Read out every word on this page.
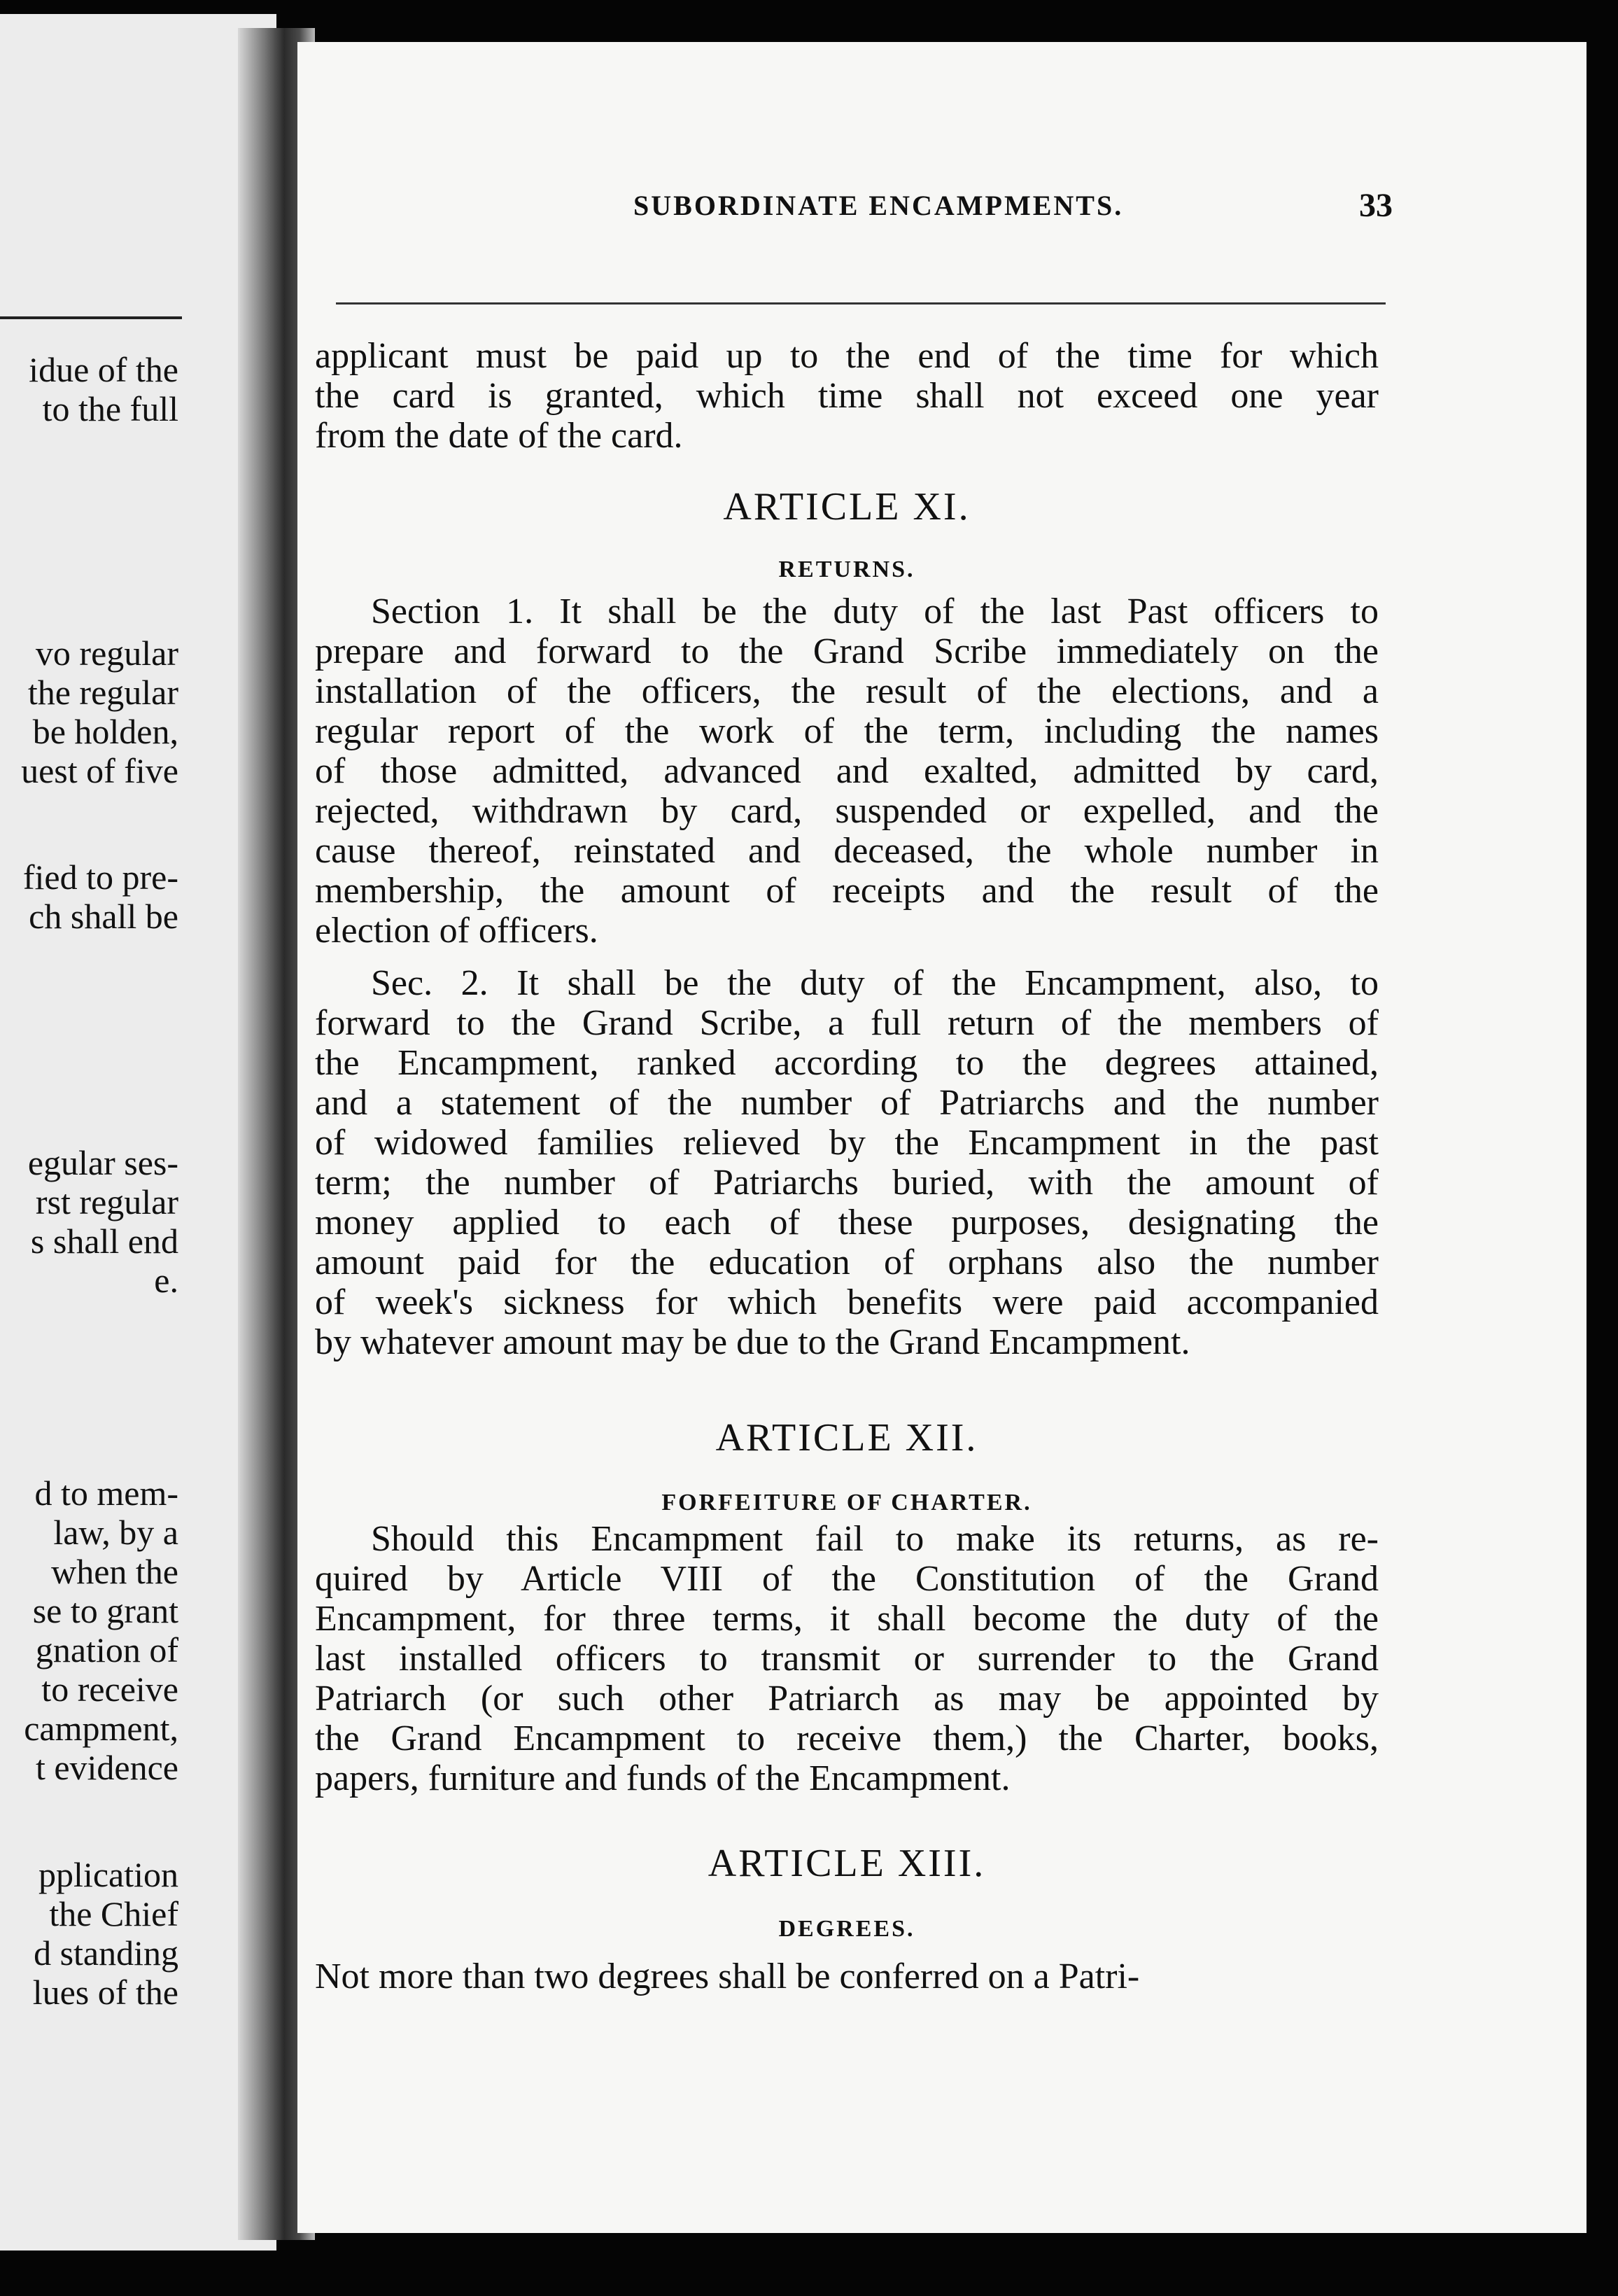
idue of the
to the full
vo regular
the regular
be holden,
uest of five
fied to pre-
ch shall be
egular ses-
rst regular
s shall end
e.
d to mem-
law, by a
when the
se to grant
gnation of
to receive
campment,
t evidence
pplication
the Chief
d standing
lues of the
SUBORDINATE ENCAMPMENTS.	33
applicant must be paid up to the end of the time for which
the card is granted, which time shall not exceed one year
from the date of the card.
ARTICLE XI.
RETURNS.
Section 1. It shall be the duty of the last Past officers to
prepare and forward to the Grand Scribe immediately on the
installation of the officers, the result of the elections, and a
regular report of the work of the term, including the names
of those admitted, advanced and exalted, admitted by card,
rejected, withdrawn by card, suspended or expelled, and the
cause thereof, reinstated and deceased, the whole number in
membership, the amount of receipts and the result of the
election of officers.
Sec. 2. It shall be the duty of the Encampment, also, to
forward to the Grand Scribe, a full return of the members of
the Encampment, ranked according to the degrees attained,
and a statement of the number of Patriarchs and the number
of widowed families relieved by the Encampment in the past
term; the number of Patriarchs buried, with the amount of
money applied to each of these purposes, designating the
amount paid for the education of orphans also the number
of week's sickness for which benefits were paid accompanied
by whatever amount may be due to the Grand Encampment.
ARTICLE XII.
FORFEITURE OF CHARTER.
Should this Encampment fail to make its returns, as re-
quired by Article VIII of the Constitution of the Grand
Encampment, for three terms, it shall become the duty of the
last installed officers to transmit or surrender to the Grand
Patriarch (or such other Patriarch as may be appointed by
the Grand Encampment to receive them,) the Charter, books,
papers, furniture and funds of the Encampment.
ARTICLE XIII.
DEGREES.
Not more than two degrees shall be conferred on a Patri-
